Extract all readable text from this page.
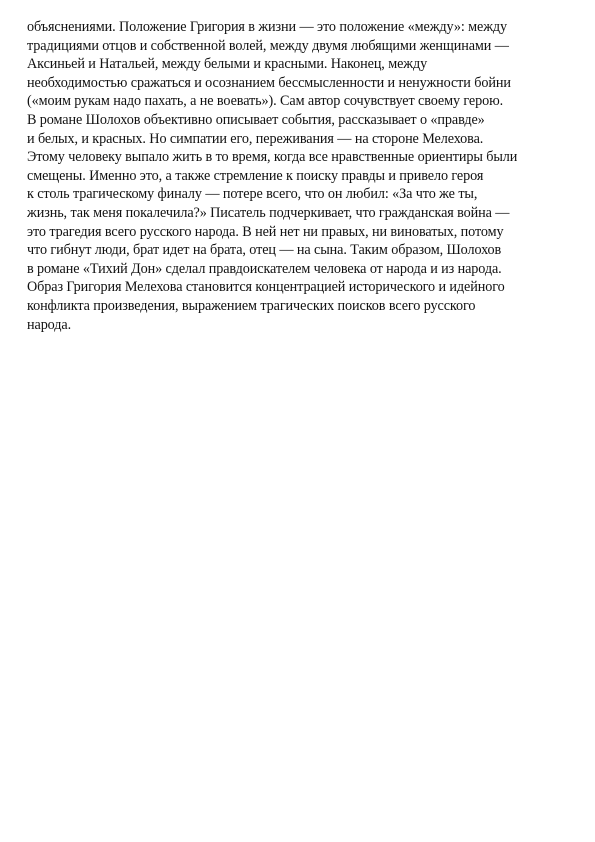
объяснениями. Положение Григория в жизни — это положение «между»: между
традициями отцов и собственной волей, между двумя любящими женщинами —
Аксиньей и Натальей, между белыми и красными. Наконец, между
необходимостью сражаться и осознанием бессмысленности и ненужности бойни
(«моим рукам надо пахать, а не воевать»). Сам автор сочувствует своему герою.
В романе Шолохов объективно описывает события, рассказывает о «правде»
и белых, и красных. Но симпатии его, переживания — на стороне Мелехова.
Этому человеку выпало жить в то время, когда все нравственные ориентиры были
смещены. Именно это, а также стремление к поиску правды и привело героя
к столь трагическому финалу — потере всего, что он любил: «За что же ты,
жизнь, так меня покалечила?» Писатель подчеркивает, что гражданская война —
это трагедия всего русского народа. В ней нет ни правых, ни виноватых, потому
что гибнут люди, брат идет на брата, отец — на сына. Таким образом, Шолохов
в романе «Тихий Дон» сделал правдоискателем человека от народа и из народа.
Образ Григория Мелехова становится концентрацией исторического и идейного
конфликта произведения, выражением трагических поисков всего русского
народа.
